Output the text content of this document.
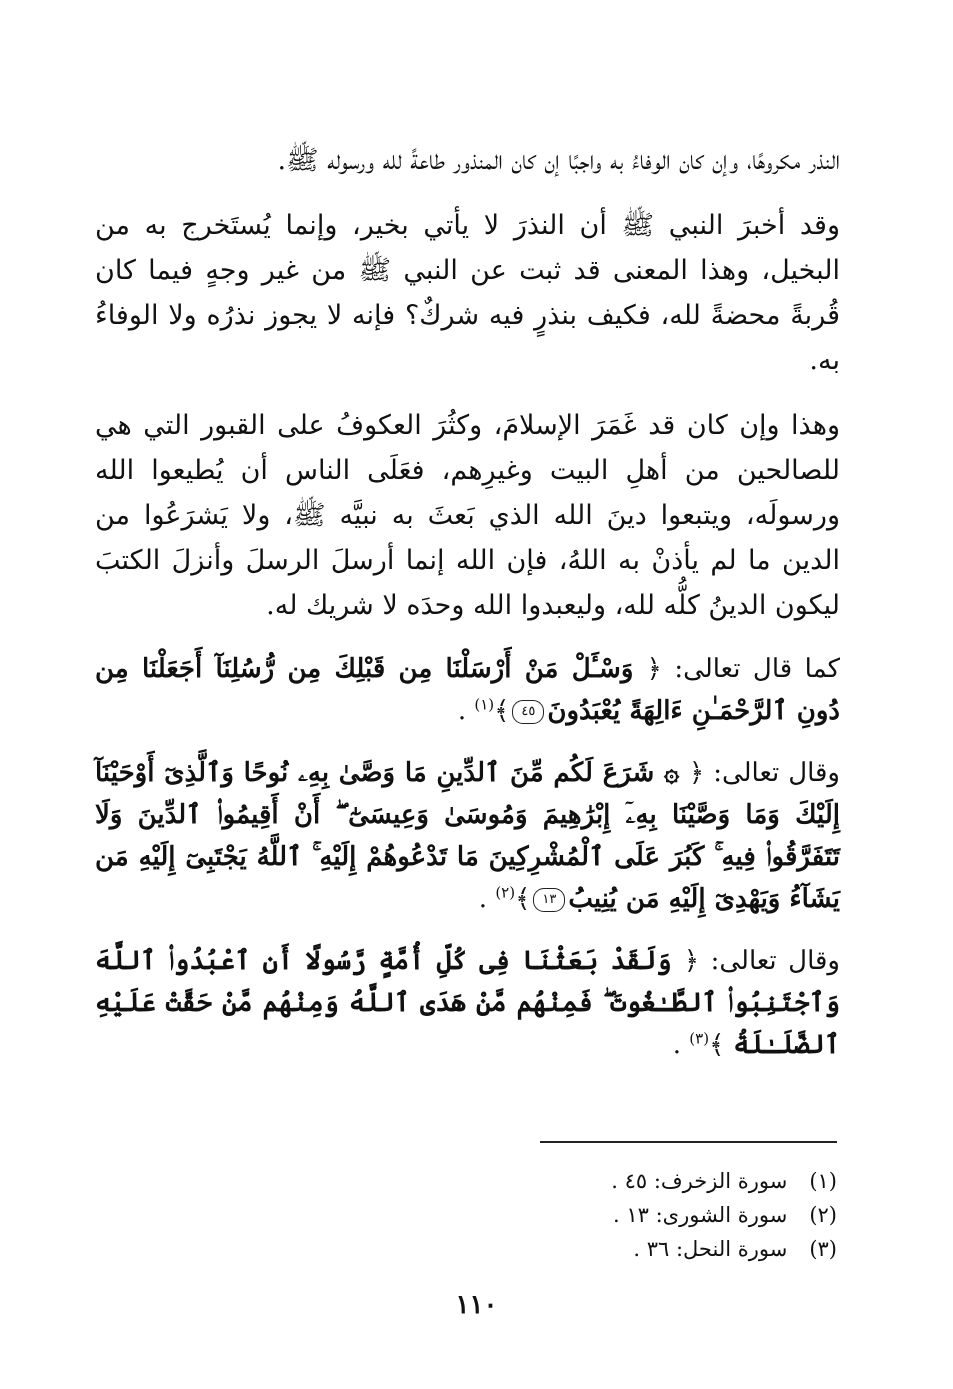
النذر مكروهًا، وإن كان الوفاءُ به واجبًا إن كان المنذور طاعةً لله ورسوله ﷺ.

وقد أخبرَ النبي ﷺ أن النذرَ لا يأتي بخير، وإنما يُستَخرج به من البخيل، وهذا المعنى قد ثبت عن النبي ﷺ من غير وجهٍ فيما كان قُربةً محضةً لله، فكيف بنذرٍ فيه شركٌ؟ فإنه لا يجوز نذرُه ولا الوفاءُ به.

وهذا وإن كان قد غَمَرَ الإسلامَ، وكثُرَ العكوفُ على القبور التي هي للصالحين من أهلِ البيت وغيرِهم، فعَلَى الناس أن يُطيعوا الله ورسولَه، ويتبعوا دينَ الله الذي بَعثَ به نبيَّه ﷺ، ولا يَشرَعُوا من الدين ما لم يأذنْ به اللهُ، فإن الله إنما أرسلَ الرسلَ وأنزلَ الكتبَ ليكون الدينُ كلُّه لله، وليعبدوا الله وحدَه لا شريك له.

كما قال تعالى: ﴿ وَسْـَٔلْ مَنْ أَرْسَلْنَا مِن قَبْلِكَ مِن رُّسُلِنَآ أَجَعَلْنَا مِن دُونِ ٱلرَّحْمَـٰنِ ءَالِهَةً يُعْبَدُونَ٤٥﴾$^{(١)}$ .

وقال تعالى: ﴿ ۞ شَرَعَ لَكُم مِّنَ ٱلدِّينِ مَا وَصَّىٰ بِهِۦ نُوحًا وَٱلَّذِىٓ أَوْحَيْنَآ إِلَيْكَ وَمَا وَصَّيْنَا بِهِۦٓ إِبْرَٰهِيمَ وَمُوسَىٰ وَعِيسَىٰٓ ۖ أَنْ أَقِيمُوا۟ ٱلدِّينَ وَلَا تَتَفَرَّقُوا۟ فِيهِ ۚ كَبُرَ عَلَى ٱلْمُشْرِكِينَ مَا تَدْعُوهُمْ إِلَيْهِ ۚ ٱللَّهُ يَجْتَبِىٓ إِلَيْهِ مَن يَشَآءُ وَيَهْدِىٓ إِلَيْهِ مَن يُنِيبُ١٣﴾$^{(٢)}$ .

وقال تعالى: ﴿ وَلَقَدْ بَعَثْنَا فِى كُلِّ أُمَّةٍ رَّسُولًا أَنِ ٱعْبُدُوا۟ ٱللَّهَ وَٱجْتَنِبُوا۟ ٱلطَّـٰغُوتَ ۖ فَمِنْهُم مَّنْ هَدَى ٱللَّهُ وَمِنْهُم مَّنْ حَقَّتْ عَلَيْهِ ٱلضَّلَـٰلَةُ ﴾$^{(٣)}$ .

(١)سورة الزخرف: ٤٥ .
(٢)سورة الشورى: ١٣ .
(٣)سورة النحل: ٣٦ .
١١٠
